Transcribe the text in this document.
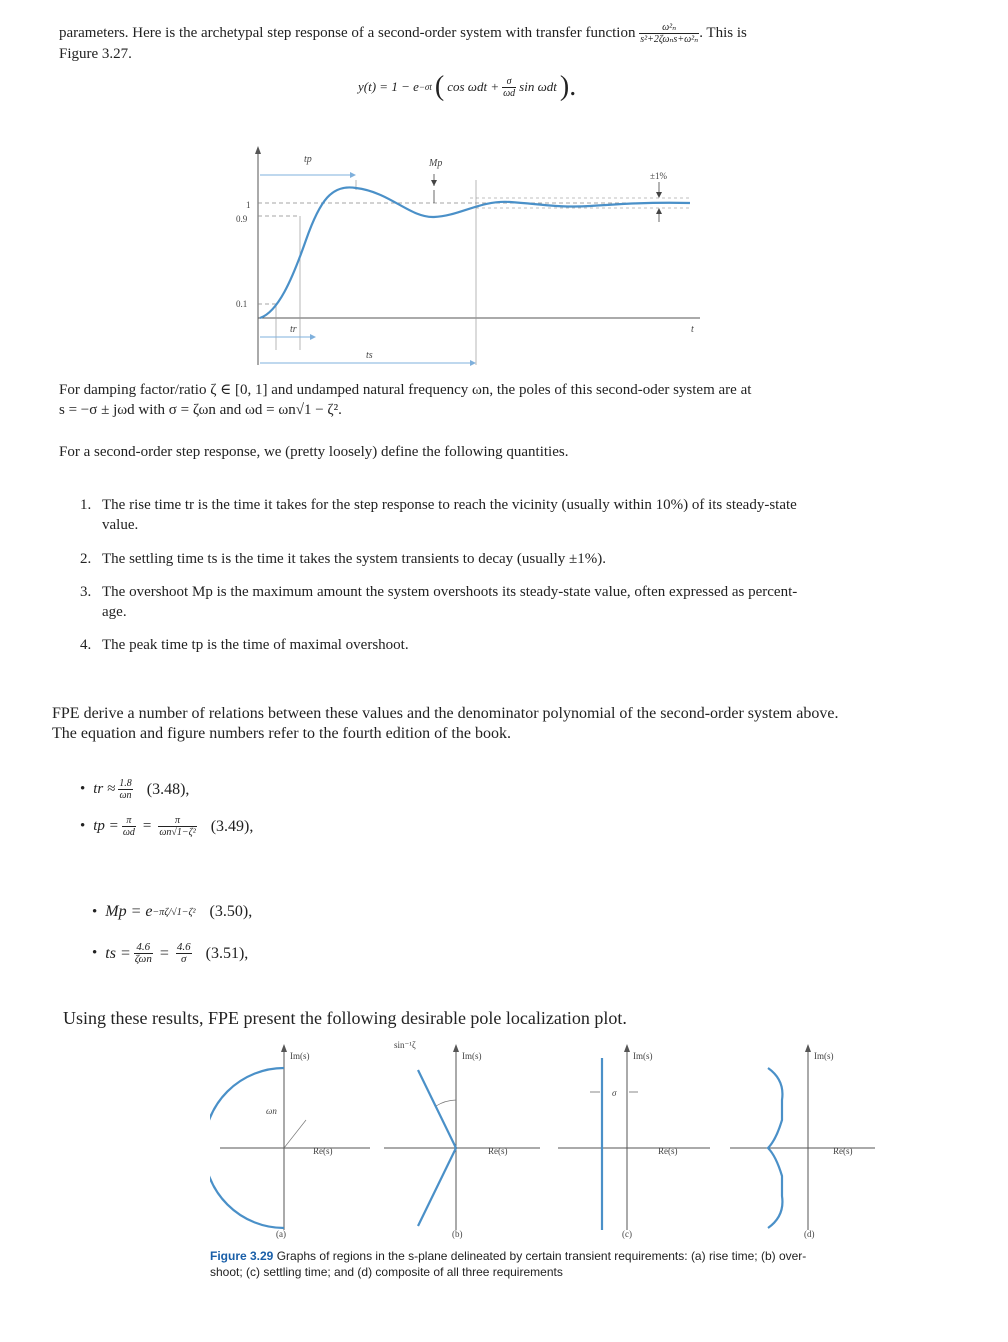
parameters. Here is the archetypal step response of a second-order system with transfer function $\frac{\text{ω²ₙ}}{\text{s²+2ζωₙs+ω²ₙ}}$ . This is
Figure 3.27.
y(t) = 1 − e −σt ( $\cos \omega dt + \frac{\sigma}{\omega d}$ sin ωdt ).
tp	Mp
±1%
1
0.9
0.1
tr
ts
t
For damping factor/ratio ζ ∈ [0, 1] and undamped natural frequency ωn, the poles of this second-oder system are at
s = −σ ± jωd with σ = ζωn and ωd = ωn√1 − ζ².
For a second-order step response, we (pretty loosely) define the following quantities.
1. The rise time tr is the time it takes for the step response to reach the vicinity (usually within 10%) of its steady-state
value.
2. The settling time ts is the time it takes the system transients to decay (usually ±1%).
3. The overshoot Mp is the maximum amount the system overshoots its steady-state value, often expressed as percent-
age.
4. The peak time tp is the time of maximal overshoot.
FPE derive a number of relations between these values and the denominator polynomial of the second-order system above.
The equation and figure numbers refer to the fourth edition of the book.
• tr ≈ $\frac{1.8}{\omega n} (3.48)$,
• tp = $\frac{\pi}{\omega d} = \frac{\pi}{\text{ωn√1−ζ²}} (3.49)$,
• Mp = e −πζ/√1−ζ² (3.50),
• ts = $\frac{4.6}{\text{ζωn}} = \frac{4.6}{\sigma} (3.51)$,
Using these results, FPE present the following desirable pole localization plot.
Im(s)
Re(s)
ωn
(a)
sin⁻¹ζ
Im(s)
Re(s)
(b)
σ
Im(s)
Re(s)
(c)
Im(s)
Re(s)
(d)
Figure 3.29 Graphs of regions in the s-plane delineated by certain transient requirements: (a) rise time; (b) over-
shoot; (c) settling time; and (d) composite of all three requirements
